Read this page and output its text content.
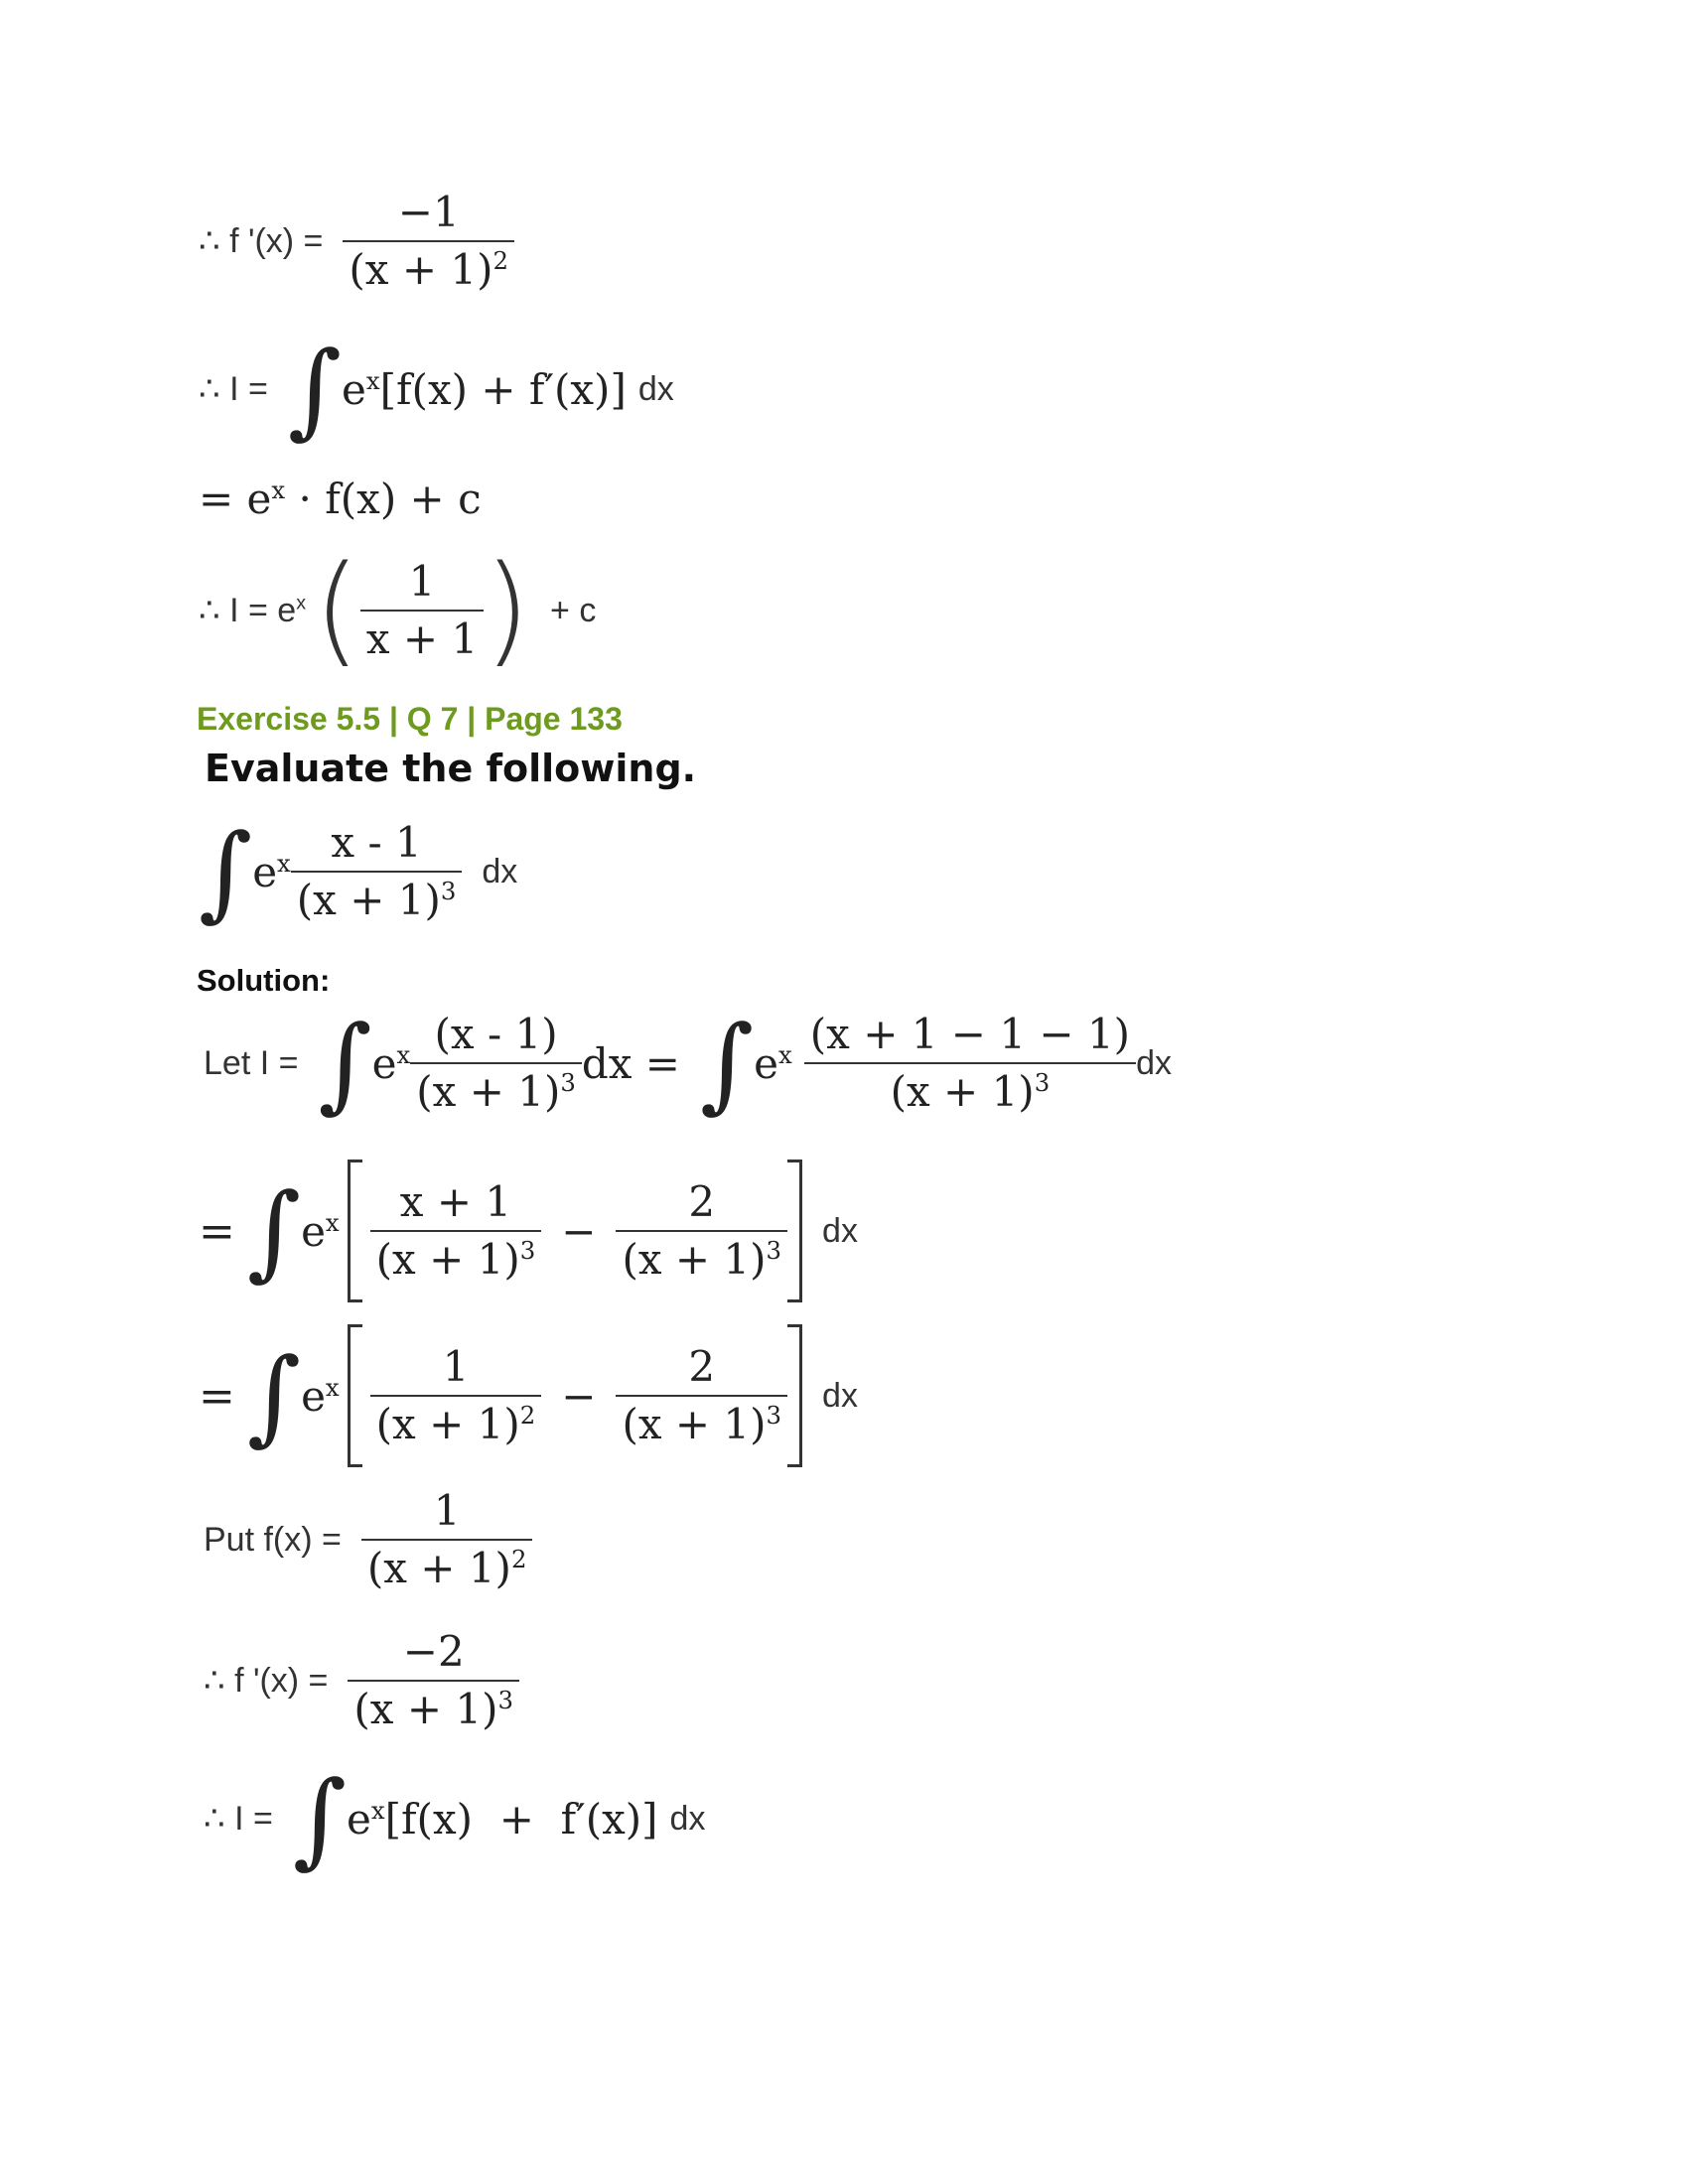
∴ f '$(x) = \frac{-1}{(x + 1)^2}$
∴ I = ∫ $e^x[f(x) + f'(x)]$ dx
= $e^x \cdot f(x) + c$
∴ $I = e^x$ ( $\frac{1}{x + 1}$ ) + c
Exercise 5.5 | Q 7 | Page 133
Evaluate the following.
∫ $e^x \frac{x - 1}{(x + 1)^3}$ dx
Solution:
Let I = ∫ $e^x \frac{(x - 1)}{(x + 1)^3}$ dx = ∫ $e^x \frac{(x + 1 - 1 - 1)}{(x + 1)^3}$ dx
= ∫ $e^x \frac{x + 1}{(x + 1)^3} - \frac{2}{(x + 1)^3}$ dx
= ∫ $e^x \frac{1}{(x + 1)^2} - \frac{2}{(x + 1)^3}$ dx
Put $f(x) = \frac{1}{(x + 1)^2}$
∴ f '$(x) = \frac{-2}{(x + 1)^3}$
∴ I = ∫ $e^x[f(x) + f'(x)]$ dx
